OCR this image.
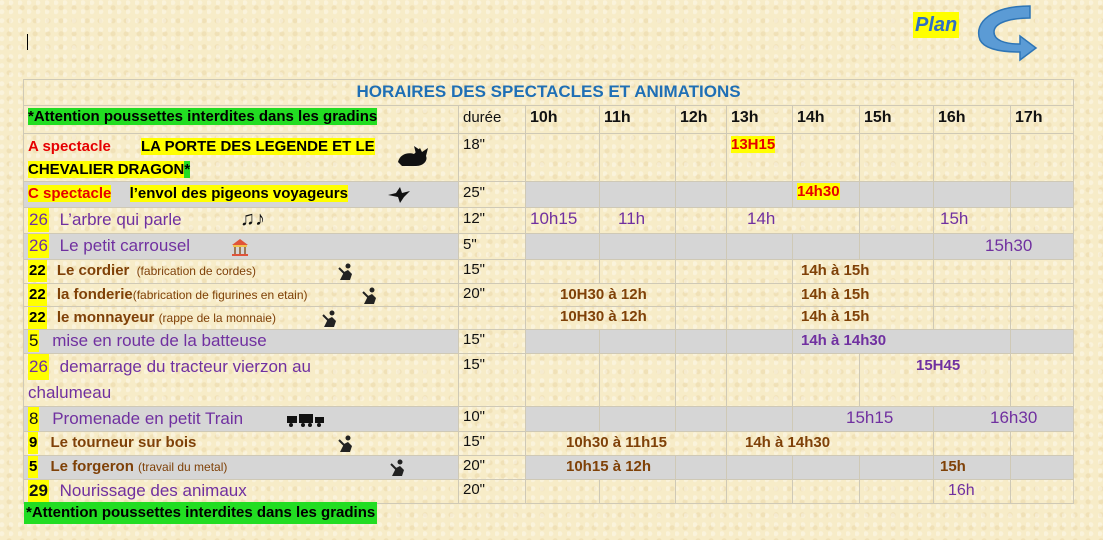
Plan
HORAIRES DES SPECTACLES ET ANIMATIONS									
*Attention poussettes interdites dans les gradins	durée	10h	11h	12h	13h	14h	15h	16h	17h

A spectacle LA PORTE DES LEGENDE ET LE
CHEVALIER DRAGON*	18"				13H15				
C spectacle l’envol des pigeons voyageurs	25"					14h30			
26 L’arbre qui parle ♫♪	12"	10h15	11h		14h			15h	
26 Le petit carrousel	5"							15h30	
22 Le cordier (fabrication de cordes)	15"					14h à 15h			
22 la fonderie(fabrication de figurines en etain)	20"	10H30 à 12h				14h à 15h			
22 le monnayeur (rappe de la monnaie)		10H30 à 12h				14h à 15h			
5 mise en route de la batteuse	15"					14h à 14h30			

26 demarrage du tracteur vierzon au
chalumeau	15"						15H45		
8 Promenade en petit Train	10"					15h15		16h30	
9 Le tourneur sur bois	15"	10h30 à 11h15			14h à 14h30				
5 Le forgeron (travail du metal)	20"	10h15 à 12h						15h	
29 Nourissage des animaux	20"							16h	
*Attention poussettes interdites dans les gradins
